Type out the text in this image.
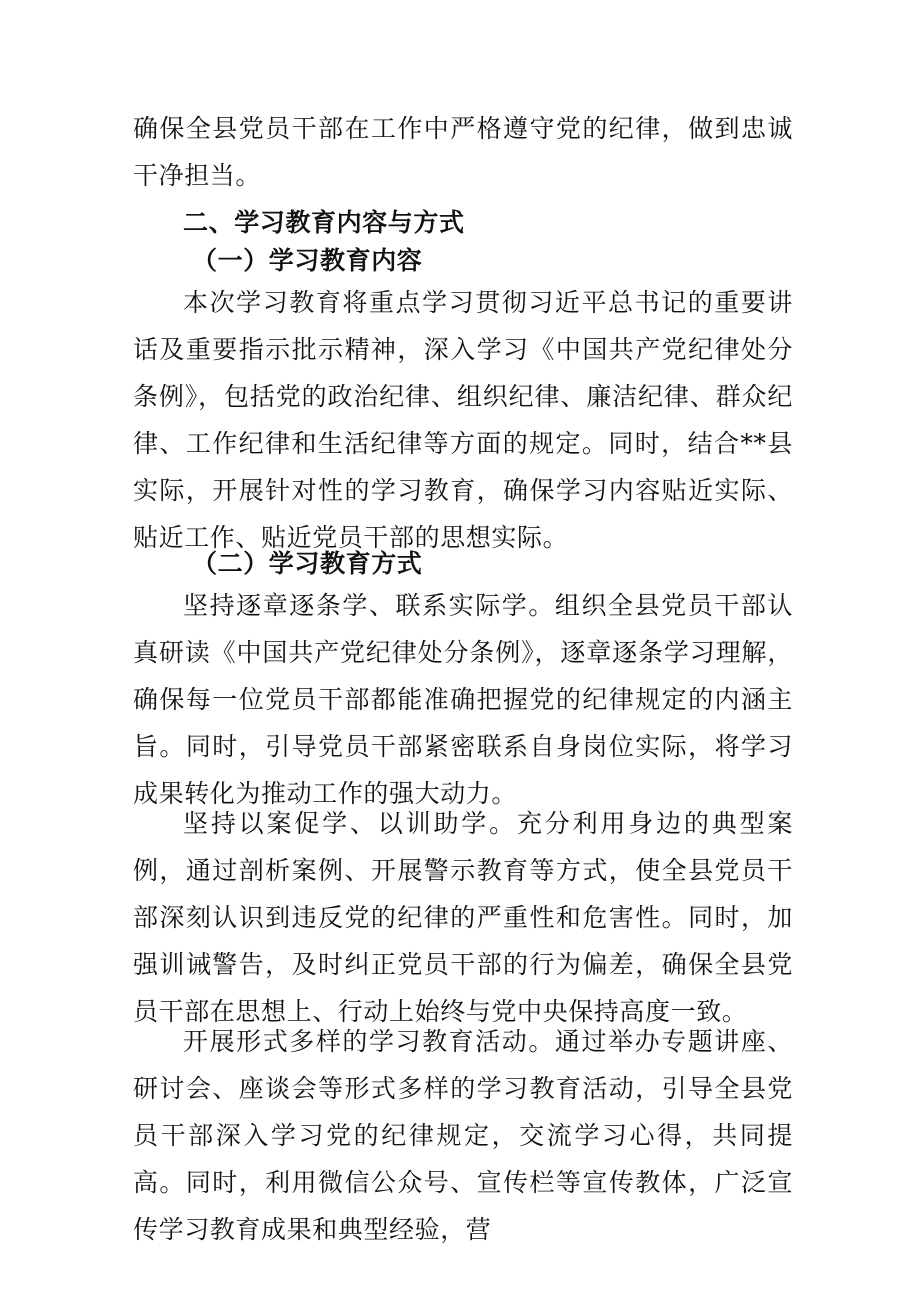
确保全县党员干部在工作中严格遵守党的纪律，做到忠诚干净担当。

二、学习教育内容与方式
（一）学习教育内容

本次学习教育将重点学习贯彻习近平总书记的重要讲话及重要指示批示精神，深入学习《中国共产党纪律处分条例》，包括党的政治纪律、组织纪律、廉洁纪律、群众纪律、工作纪律和生活纪律等方面的规定。同时，结合**县实际，开展针对性的学习教育，确保学习内容贴近实际、贴近工作、贴近党员干部的思想实际。

（二）学习教育方式

坚持逐章逐条学、联系实际学。组织全县党员干部认真研读《中国共产党纪律处分条例》，逐章逐条学习理解，确保每一位党员干部都能准确把握党的纪律规定的内涵主旨。同时，引导党员干部紧密联系自身岗位实际，将学习成果转化为推动工作的强大动力。

坚持以案促学、以训助学。充分利用身边的典型案例，通过剖析案例、开展警示教育等方式，使全县党员干部深刻认识到违反党的纪律的严重性和危害性。同时，加强训诫警告，及时纠正党员干部的行为偏差，确保全县党员干部在思想上、行动上始终与党中央保持高度一致。

开展形式多样的学习教育活动。通过举办专题讲座、研讨会、座谈会等形式多样的学习教育活动，引导全县党员干部深入学习党的纪律规定，交流学习心得，共同提高。同时，利用微信公众号、宣传栏等宣传教体，广泛宣传学习教育成果和典型经验，营
